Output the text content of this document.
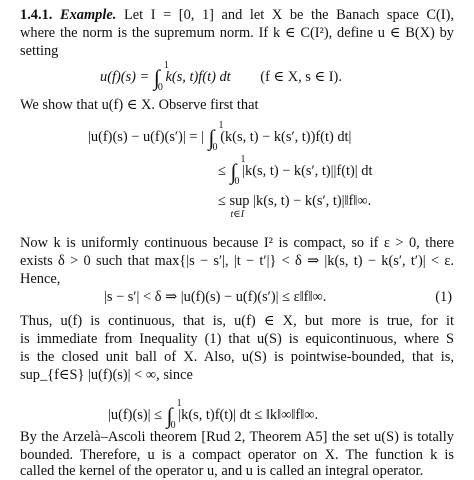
1.4.1. Example. Let I = [0, 1] and let X be the Banach space C(I),
where the norm is the supremum norm. If k ∈ C(I²), define u ∈ B(X) by
setting
u(f)(s) = ∫ 1
0
k(s, t)f(t) dt (f ∈ X, s ∈ I).
We show that u(f) ∈ X. Observe first that
|u(f)(s) − u(f)(s′)| = | ∫ 1
0
(k(s, t) − k(s′, t))f(t) dt|
≤ ∫ 1
0
|k(s, t) − k(s′, t)||f(t)| dt
≤ sup
t∈I
|k(s, t) − k(s′, t)|‖f‖∞.
Now k is uniformly continuous because I² is compact, so if ε > 0, there
exists δ > 0 such that max{|s − s′|, |t − t′|} < δ ⇒ |k(s, t) − k(s′, t′)| < ε.
Hence,
|s − s′| < δ ⇒ |u(f)(s) − u(f)(s′)| ≤ ε‖f‖∞.	(1)
Thus, u(f) is continuous, that is, u(f) ∈ X, but more is true, for it
is immediate from Inequality (1) that u(S) is equicontinuous, where S
is the closed unit ball of X. Also, u(S) is pointwise-bounded, that is,
sup_{f∈S} |u(f)(s)| < ∞, since
|u(f)(s)| ≤ ∫ 1
0
|k(s, t)f(t)| dt ≤ ‖k‖∞‖f‖∞.
By the Arzelà–Ascoli theorem [Rud 2, Theorem A5] the set u(S) is totally
bounded. Therefore, u is a compact operator on X. The function k is
called the kernel of the operator u, and u is called an integral operator.
